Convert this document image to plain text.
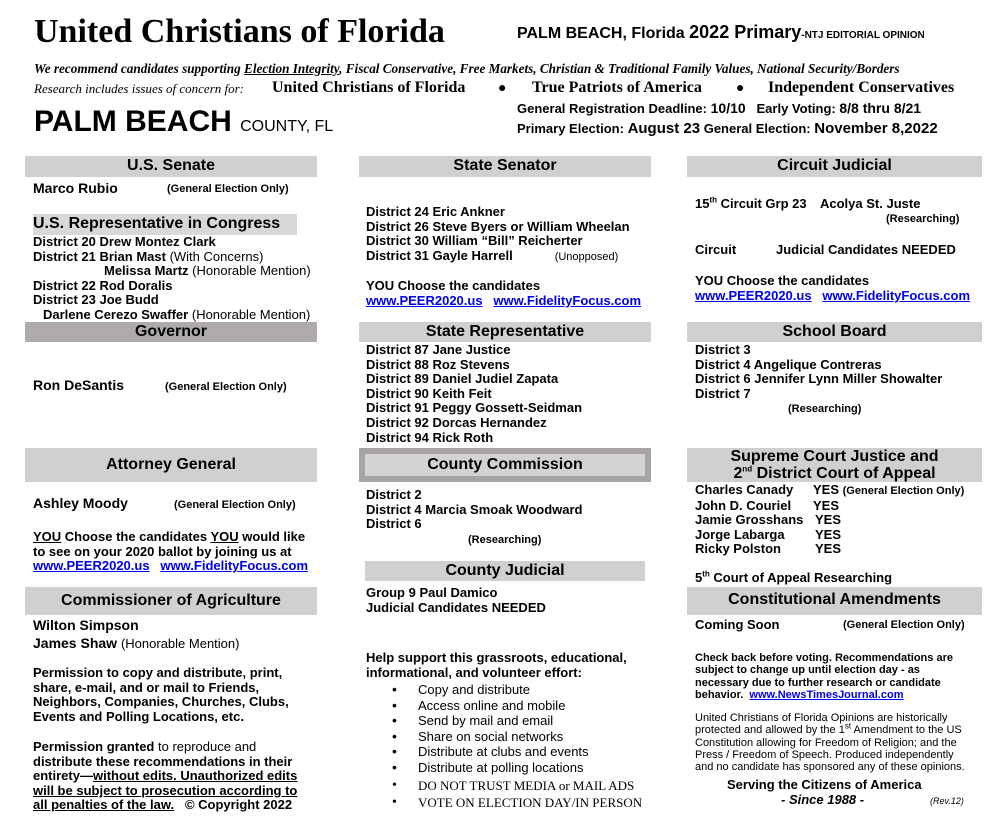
United Christians of Florida	PALM BEACH, Florida 2022 Primary-NTJ EDITORIAL OPINION
We recommend candidates supporting Election Integrity, Fiscal Conservative, Free Markets, Christian & Traditional Family Values, National Security/Borders
Research includes issues of concern for: United Christians of Florida ● True Patriots of America ● Independent Conservatives
PALM BEACH COUNTY, FL
General Registration Deadline: 10/10 Early Voting: 8/8 thru 8/21
Primary Election: August 23 General Election: November 8,2022
U.S. Senate
Marco Rubio	(General Election Only)
U.S. Representative in Congress
District 20 Drew Montez Clark
District 21 Brian Mast (With Concerns)
Melissa Martz (Honorable Mention)
District 22 Rod Doralis
District 23 Joe Budd
Darlene Cerezo Swaffer (Honorable Mention)
Governor
Ron DeSantis	(General Election Only)
Attorney General
Ashley Moody	(General Election Only)
YOU Choose the candidates YOU would like
to see on your 2020 ballot by joining us at
www.PEER2020.us www.FidelityFocus.com
Commissioner of Agriculture
Wilton Simpson
James Shaw (Honorable Mention)
Permission to copy and distribute, print,
share, e-mail, and or mail to Friends,
Neighbors, Companies, Churches, Clubs,
Events and Polling Locations, etc.
Permission granted to reproduce and
distribute these recommendations in their
entirety—without edits. Unauthorized edits
will be subject to prosecution according to
all penalties of the law. © Copyright 2022
State Senator
District 24 Eric Ankner
District 26 Steve Byers or William Wheelan
District 30 William “Bill” Reicherter
District 31 Gayle Harrell	(Unopposed)
YOU Choose the candidates
www.PEER2020.us www.FidelityFocus.com
State Representative
District 87 Jane Justice
District 88 Roz Stevens
District 89 Daniel Judiel Zapata
District 90 Keith Feit
District 91 Peggy Gossett-Seidman
District 92 Dorcas Hernandez
District 94 Rick Roth
County Commission
District 2
District 4 Marcia Smoak Woodward
District 6
(Researching)
County Judicial
Group 9 Paul Damico
Judicial Candidates NEEDED
Help support this grassroots, educational,
informational, and volunteer effort:
• Copy and distribute
• Access online and mobile
• Send by mail and email
• Share on social networks
• Distribute at clubs and events
• Distribute at polling locations
• DO NOT TRUST MEDIA or MAIL ADS
• VOTE ON ELECTION DAY/IN PERSON
Circuit Judicial
15th Circuit Grp 23 Acolya St. Juste
(Researching)
Circuit	Judicial Candidates NEEDED
YOU Choose the candidates
www.PEER2020.us www.FidelityFocus.com
School Board
District 3
District 4 Angelique Contreras
District 6 Jennifer Lynn Miller Showalter
District 7
(Researching)
Supreme Court Justice and
2nd District Court of Appeal
Charles Canady YES (General Election Only)
John D. Couriel YES
Jamie Grosshans YES
Jorge Labarga YES
Ricky Polston	YES
5th Court of Appeal Researching
Constitutional Amendments
Coming Soon	(General Election Only)
Check back before voting. Recommendations are
subject to change up until election day - as
necessary due to further research or candidate
behavior. www.NewsTimesJournal.com
United Christians of Florida Opinions are historically
protected and allowed by the 1st Amendment to the US
Constitution allowing for Freedom of Religion; and the
Press / Freedom of Speech. Produced independently
and no candidate has sponsored any of these opinions.
Serving the Citizens of America
- Since 1988 -	(Rev.12)
